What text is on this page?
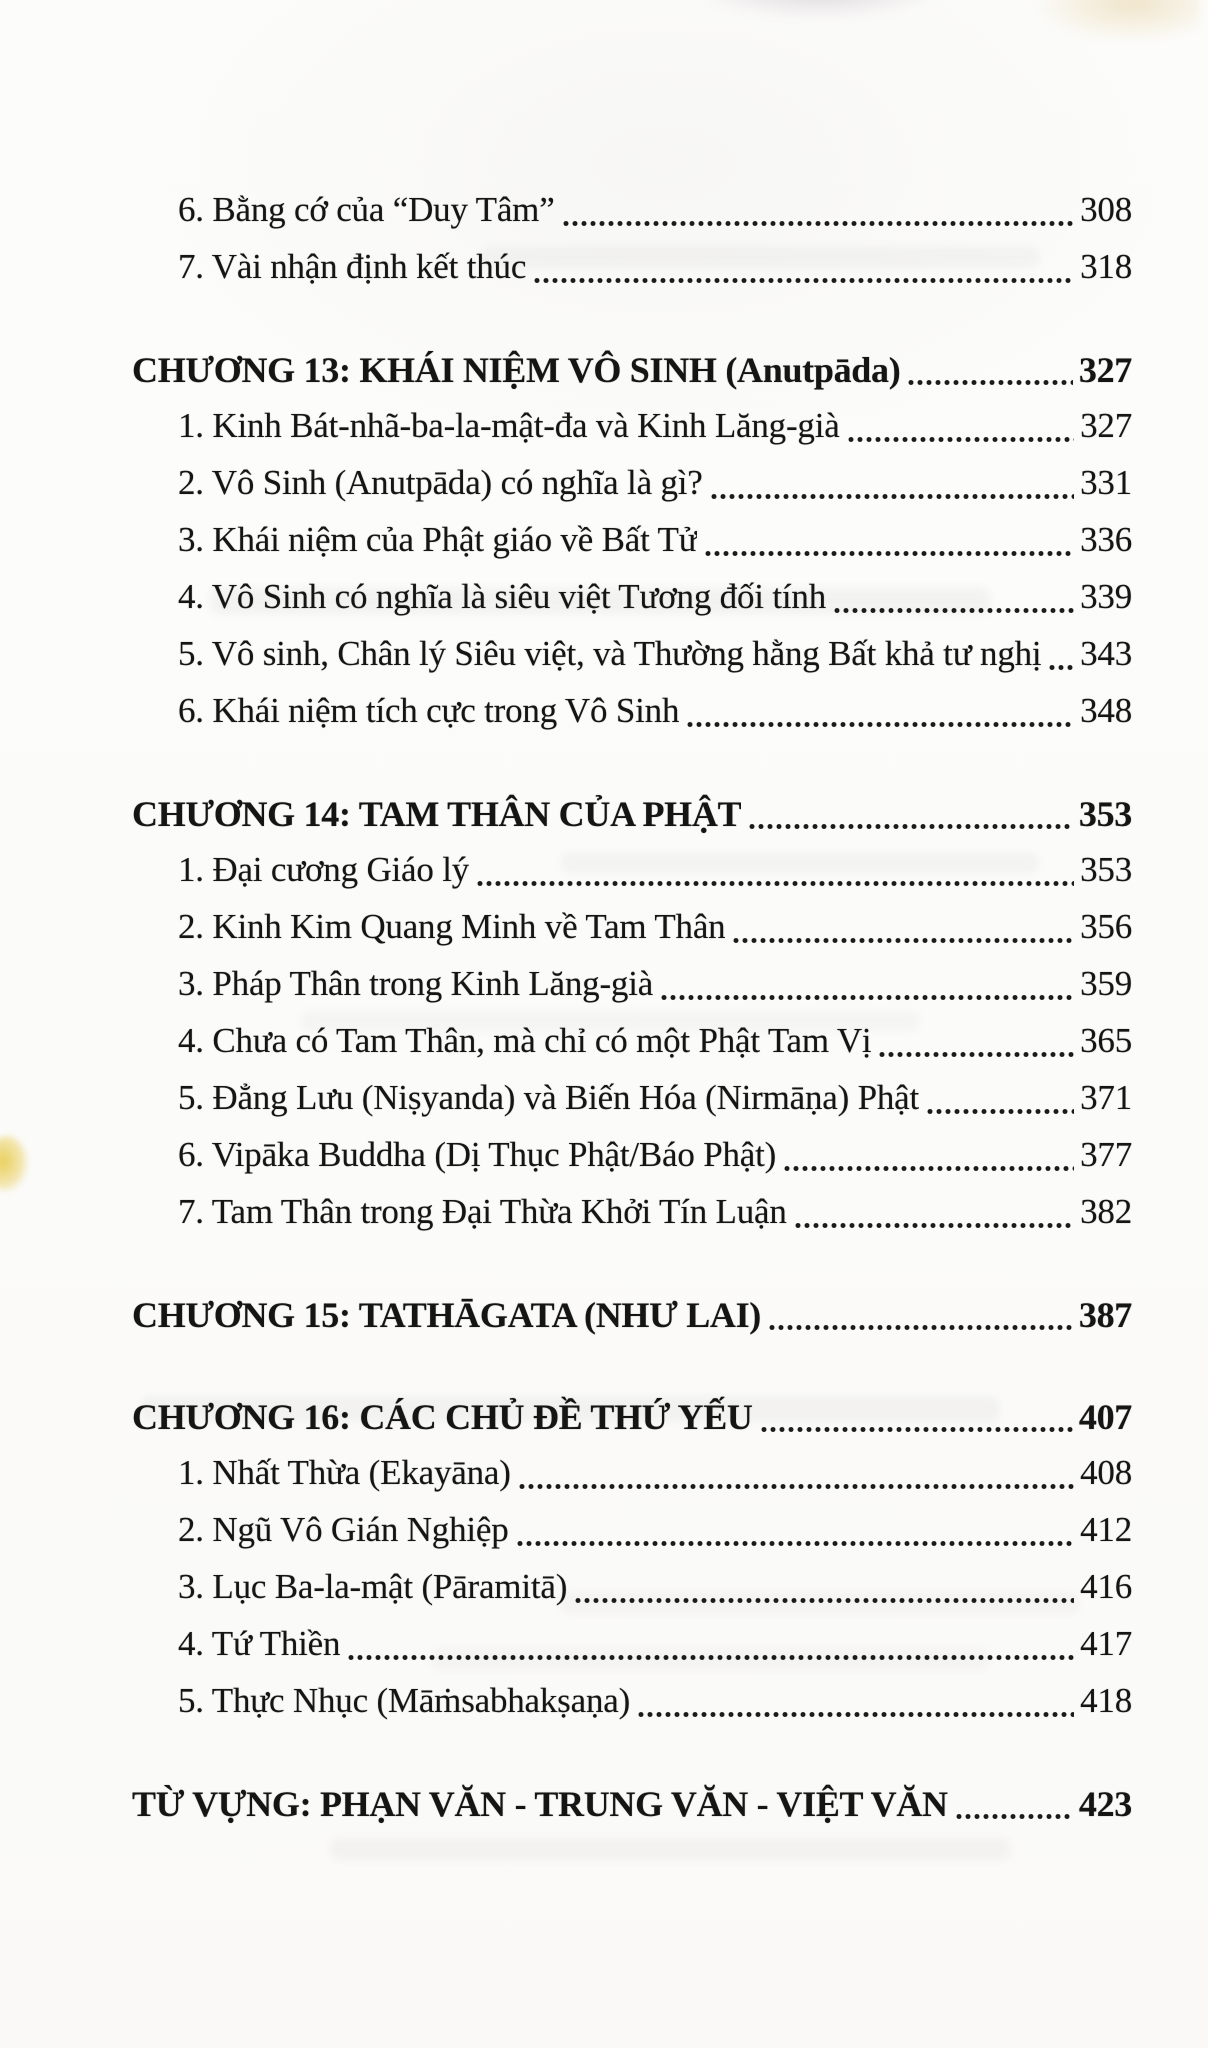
6. Bằng cớ của “Duy Tâm”	308
7. Vài nhận định kết thúc	318
CHƯƠNG 13: KHÁI NIỆM VÔ SINH (Anutpāda)	327
1. Kinh Bát-nhã-ba-la-mật-đa và Kinh Lăng-già	327
2. Vô Sinh (Anutpāda) có nghĩa là gì?	331
3. Khái niệm của Phật giáo về Bất Tử	336
4. Vô Sinh có nghĩa là siêu việt Tương đối tính	339
5. Vô sinh, Chân lý Siêu việt, và Thường hằng Bất khả tư nghị 343
6. Khái niệm tích cực trong Vô Sinh	348
CHƯƠNG 14: TAM THÂN CỦA PHẬT	353
1. Đại cương Giáo lý	353
2. Kinh Kim Quang Minh về Tam Thân	356
3. Pháp Thân trong Kinh Lăng-già	359
4. Chưa có Tam Thân, mà chỉ có một Phật Tam Vị	365
5. Đẳng Lưu (Niṣyanda) và Biến Hóa (Nirmāṇa) Phật	371
6. Vipāka Buddha (Dị Thục Phật/Báo Phật)	377
7. Tam Thân trong Đại Thừa Khởi Tín Luận	382
CHƯƠNG 15: TATHĀGATA (NHƯ LAI)	387
CHƯƠNG 16: CÁC CHỦ ĐỀ THỨ YẾU	407
1. Nhất Thừa (Ekayāna)	408
2. Ngũ Vô Gián Nghiệp	412
3. Lục Ba-la-mật (Pāramitā)	416
4. Tứ Thiền	417
5. Thực Nhục (Māṁsabhakṣaṇa)	418
TỪ VỰNG: PHẠN VĂN - TRUNG VĂN - VIỆT VĂN	423
